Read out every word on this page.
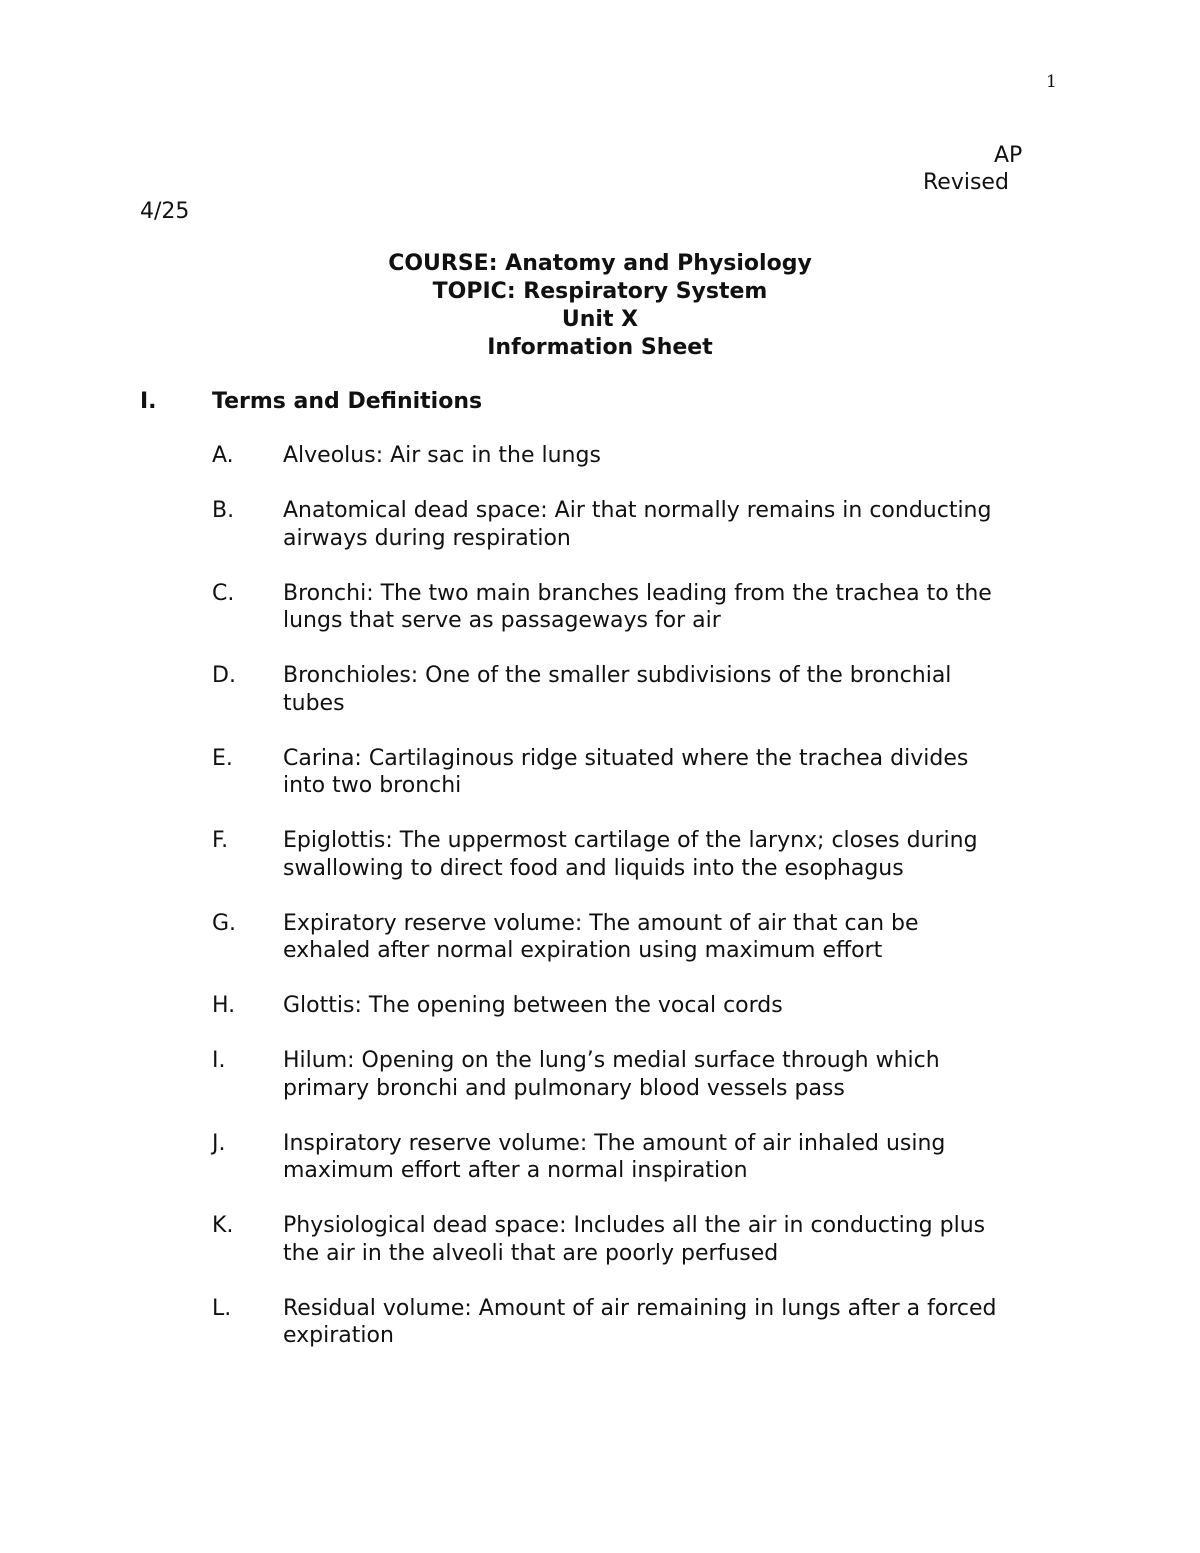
1
AP
Revised
4/25
COURSE: Anatomy and Physiology
TOPIC: Respiratory System
Unit X
Information Sheet
I.	Terms and Definitions
A. Alveolus: Air sac in the lungs
B. Anatomical dead space: Air that normally remains in conducting
airways during respiration
C. Bronchi: The two main branches leading from the trachea to the
lungs that serve as passageways for air
D. Bronchioles: One of the smaller subdivisions of the bronchial
tubes
E. Carina: Cartilaginous ridge situated where the trachea divides
into two bronchi
F. Epiglottis: The uppermost cartilage of the larynx; closes during
swallowing to direct food and liquids into the esophagus
G. Expiratory reserve volume: The amount of air that can be
exhaled after normal expiration using maximum effort
H. Glottis: The opening between the vocal cords
I.	Hilum: Opening on the lung’s medial surface through which
primary bronchi and pulmonary blood vessels pass
J.	Inspiratory reserve volume: The amount of air inhaled using
maximum effort after a normal inspiration
K. Physiological dead space: Includes all the air in conducting plus
the air in the alveoli that are poorly perfused
L. Residual volume: Amount of air remaining in lungs after a forced
expiration
